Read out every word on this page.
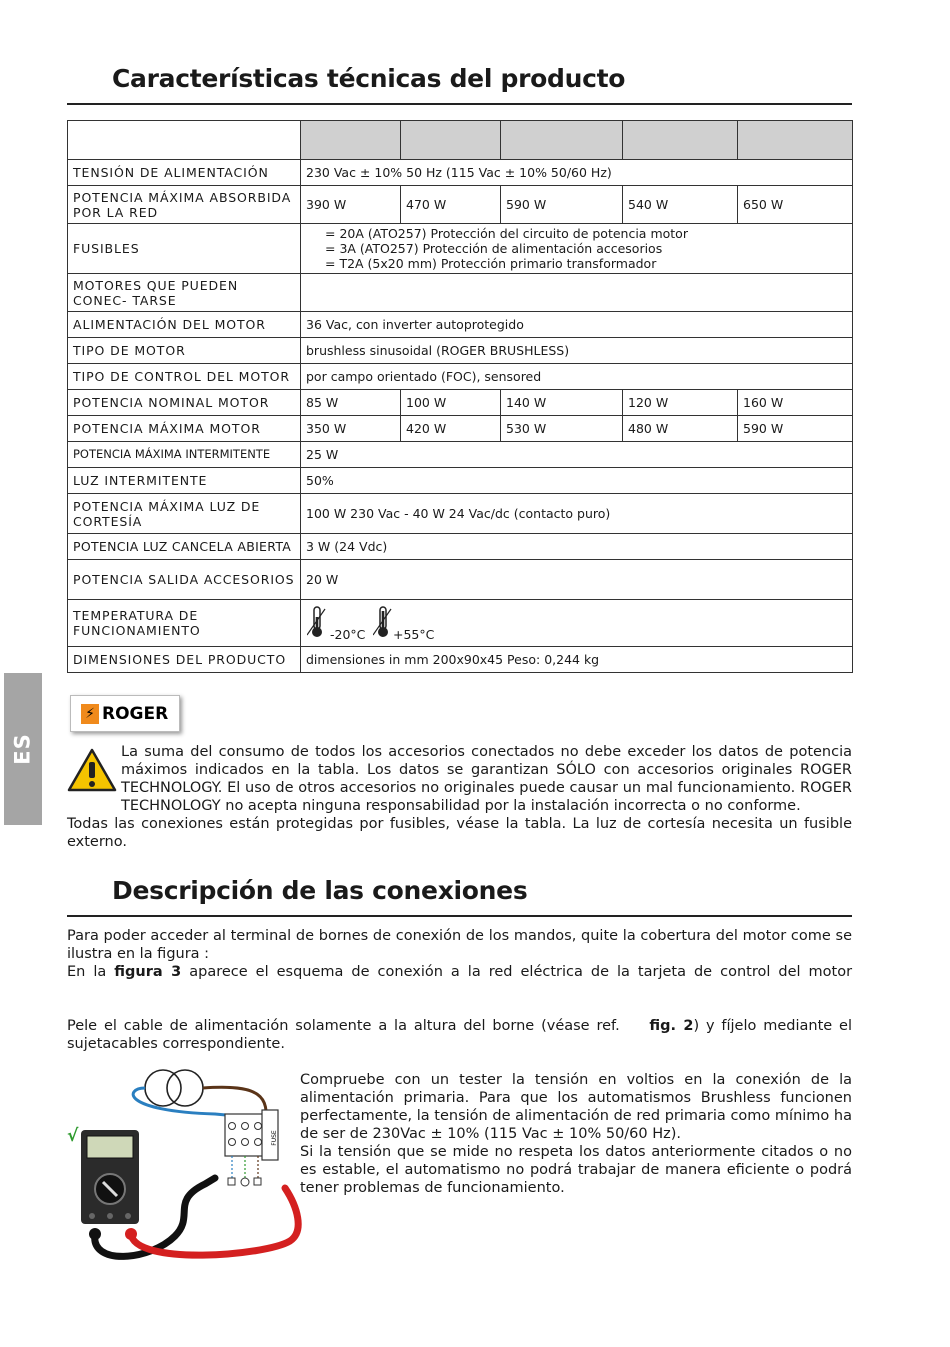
Características técnicas del producto

TENSIÓN DE ALIMENTACIÓN	230 Vac ± 10% 50 Hz (115 Vac ± 10% 50/60 Hz)				
POTENCIA MÁXIMA ABSORBIDA POR LA RED	390 W	470 W	590 W	540 W	650 W
FUSIBLES	= 20A (ATO257) Protección del circuito de potencia motor
= 3A (ATO257) Protección de alimentación accesorios
= T2A (5x20 mm) Protección primario transformador				

MOTORES QUE PUEDEN CONEC- TARSE					
ALIMENTACIÓN DEL MOTOR	36 Vac, con inverter autoprotegido				
TIPO DE MOTOR	brushless sinusoidal (ROGER BRUSHLESS)				
TIPO DE CONTROL DEL MOTOR	por campo orientado (FOC), sensored				
POTENCIA NOMINAL MOTOR	85 W	100 W	140 W	120 W	160 W
POTENCIA MÁXIMA MOTOR	350 W	420 W	530 W	480 W	590 W
POTENCIA MÁXIMA INTERMITENTE	25 W				
LUZ INTERMITENTE	50%				
POTENCIA MÁXIMA LUZ DE CORTESÍA	100 W 230 Vac - 40 W 24 Vac/dc (contacto puro)				
POTENCIA LUZ CANCELA ABIERTA	3 W (24 Vdc)				
POTENCIA SALIDA ACCESORIOS	20 W				
TEMPERATURA DE FUNCIONAMIENTO	-20°C +55°C				

DIMENSIONES DEL PRODUCTO	dimensiones in mm 200x90x45 Peso: 0,244 kg				
ES
⚡ ROGER
La suma del consumo de todos los accesorios conectados no debe exceder los datos de potencia máximos indicados en la tabla. Los datos se garantizan SÓLO con accesorios originales ROGER TECHNOLOGY. El uso de otros accesorios no originales puede causar un mal funcionamiento. ROGER TECHNOLOGY no acepta ninguna responsabilidad por la instalación incorrecta o no conforme.
Todas las conexiones están protegidas por fusibles, véase la tabla. La luz de cortesía necesita un fusible externo.
Descripción de las conexiones
Para poder acceder al terminal de bornes de conexión de los mandos, quite la cobertura del motor come se ilustra en la figura :
En la figura 3 aparece el esquema de conexión a la red eléctrica de la tarjeta de control del motor
Pele el cable de alimentación solamente a la altura del borne (véase ref. fig. 2) y fíjelo mediante el sujetacables correspondiente.
Compruebe con un tester la tensión en voltios en la conexión de la alimentación primaria. Para que los automatismos Brushless funcionen perfectamente, la tensión de alimentación de red primaria como mínimo ha de ser de 230Vac ± 10% (115 Vac ± 10% 50/60 Hz).
Si la tensión que se mide no respeta los datos anteriormente citados o no es estable, el automatismo no podrá trabajar de manera eficiente o podrá tener problemas de funcionamiento.
FUSE
√
